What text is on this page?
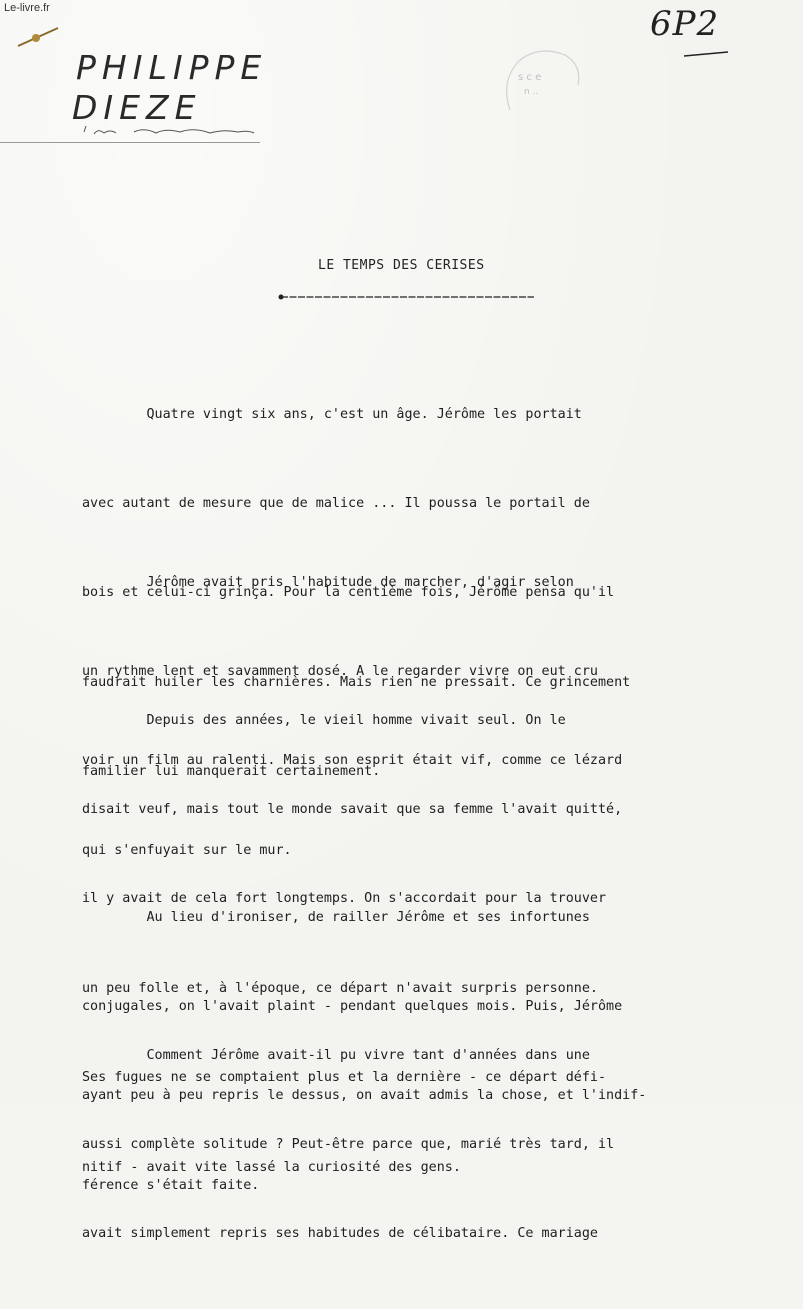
Le-livre.fr	6P2
s c e
n ..

PHILIPPE

DIEZE

LE TEMPS DES CERISES

Quatre vingt six ans, c'est un âge. Jérôme les portait

avec autant de mesure que de malice ... Il poussa le portail de

bois et celui-ci grinça. Pour la centième fois, Jérôme pensa qu'il

faudrait huiler les charnières. Mais rien ne pressait. Ce grincement

familier lui manquerait certainement.

Jérôme avait pris l'habitude de marcher, d'agir selon

un rythme lent et savamment dosé. A le regarder vivre on eut cru

voir un film au ralenti. Mais son esprit était vif, comme ce lézard

qui s'enfuyait sur le mur.

Depuis des années, le vieil homme vivait seul. On le

disait veuf, mais tout le monde savait que sa femme l'avait quitté,

il y avait de cela fort longtemps. On s'accordait pour la trouver

un peu folle et, à l'époque, ce départ n'avait surpris personne.

Ses fugues ne se comptaient plus et la dernière - ce départ défi-

nitif - avait vite lassé la curiosité des gens.

Au lieu d'ironiser, de railler Jérôme et ses infortunes

conjugales, on l'avait plaint - pendant quelques mois. Puis, Jérôme

ayant peu à peu repris le dessus, on avait admis la chose, et l'indif-

férence s'était faite.

Comment Jérôme avait-il pu vivre tant d'années dans une

aussi complète solitude ? Peut-être parce que, marié très tard, il

avait simplement repris ses habitudes de célibataire. Ce mariage
